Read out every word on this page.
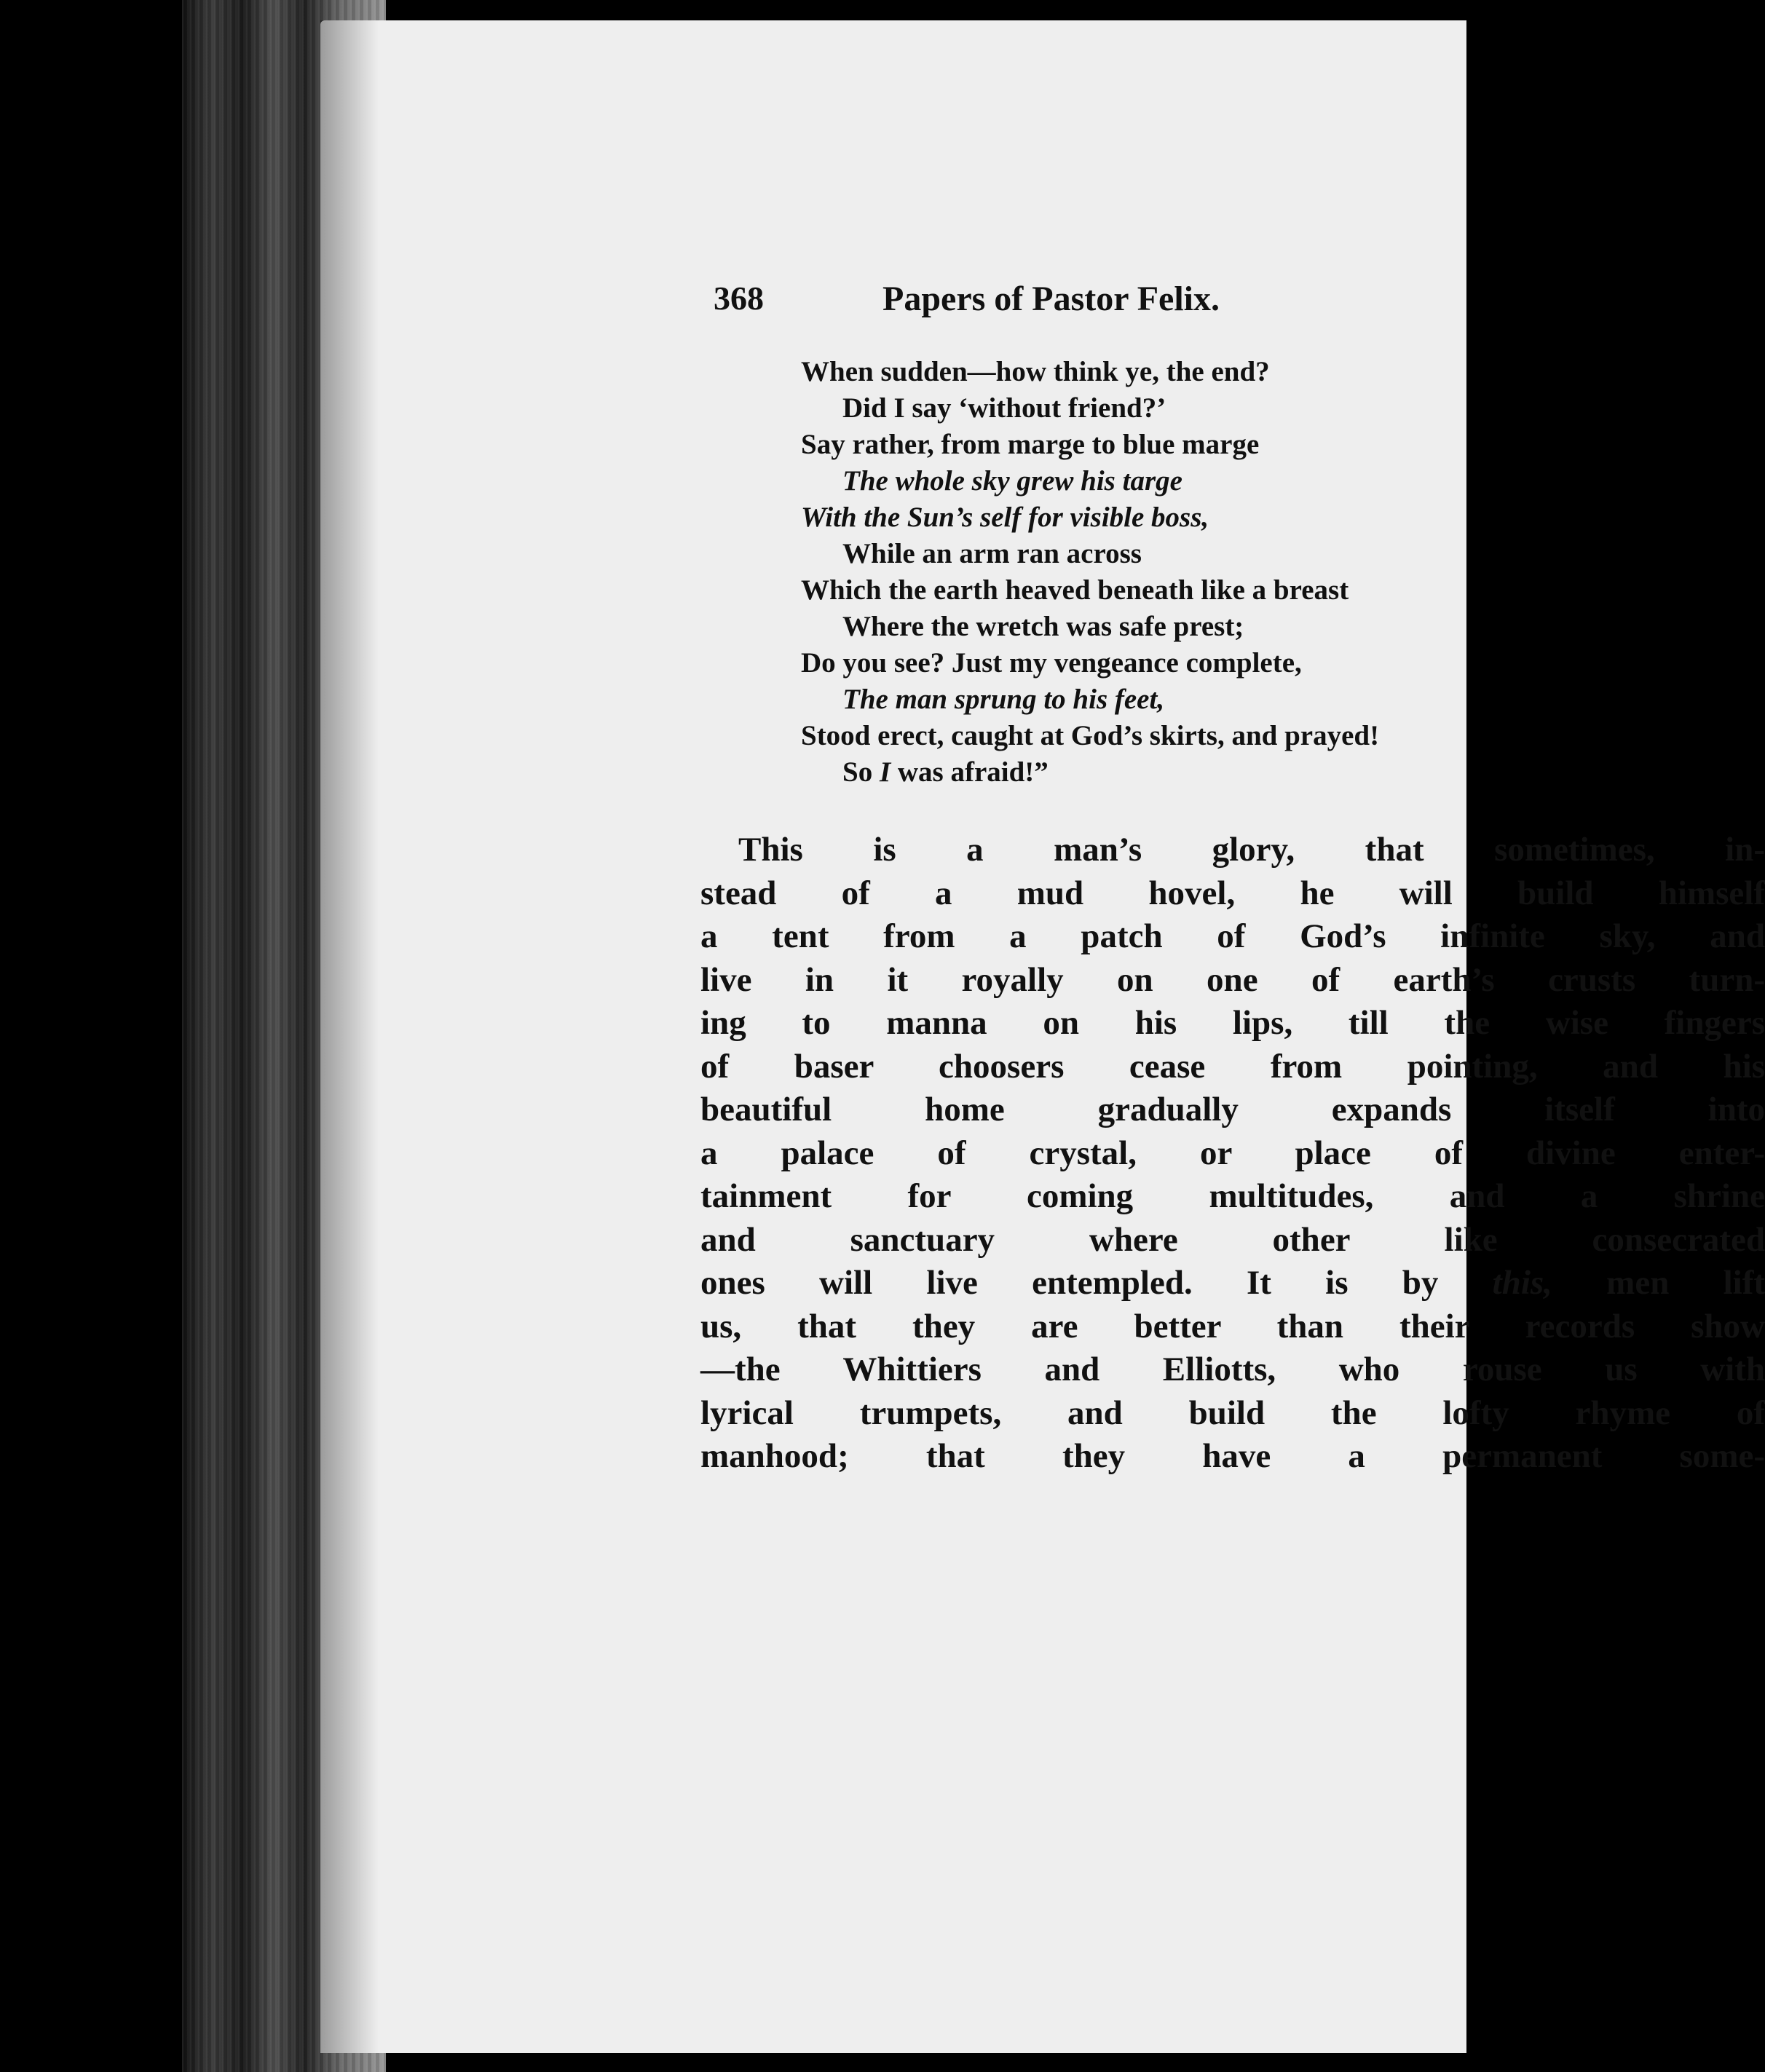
368	Papers of Pastor Felix.
When sudden—how think ye, the end?
Did I say ‘without friend?’
Say rather, from marge to blue marge
The whole sky grew his targe
With the Sun’s self for visible boss,
While an arm ran across
Which the earth heaved beneath like a breast
Where the wretch was safe prest;
Do you see? Just my vengeance complete,
The man sprung to his feet,
Stood erect, caught at God’s skirts, and prayed!
So I was afraid!”
This is a man’s glory, that sometimes, in-
stead of a mud hovel, he will build himself
a tent from a patch of God’s infinite sky, and
live in it royally on one of earth’s crusts turn-
ing to manna on his lips, till the wise fingers
of baser choosers cease from pointing, and his
beautiful home gradually expands itself into
a palace of crystal, or place of divine enter-
tainment for coming multitudes, and a shrine
and sanctuary where other like consecrated
ones will live entempled. It is by this, men lift
us, that they are better than their records show
—the Whittiers and Elliotts, who rouse us with
lyrical trumpets, and build the lofty rhyme of
manhood; that they have a permanent some-
